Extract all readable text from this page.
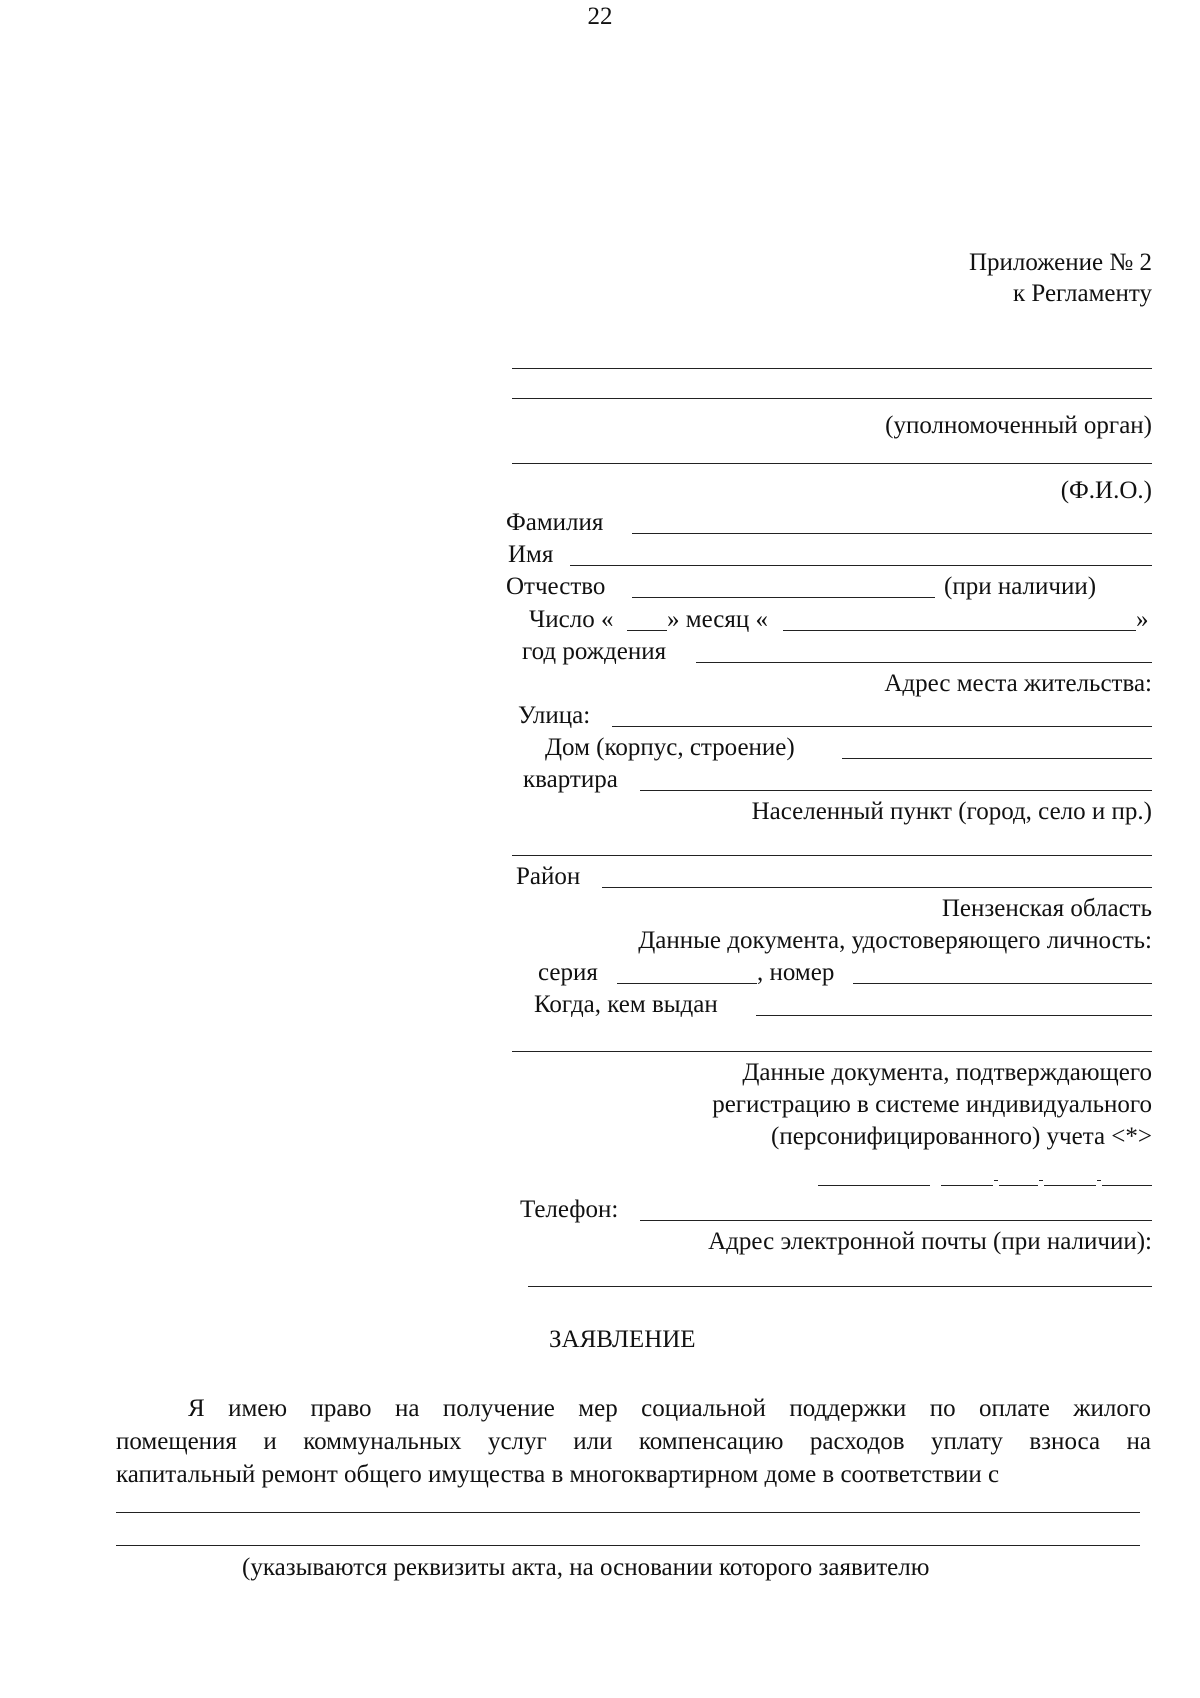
22
Приложение № 2
к Регламенту
(уполномоченный орган)
(Ф.И.О.)
Фамилия
Имя
Отчество	(при наличии)
Число « » месяц «	»
год рождения
Адрес места жительства:
Улица:
Дом (корпус, строение)
квартира
Населенный пункт (город, село и пр.)
Район
Пензенская область
Данные документа, удостоверяющего личность:
серия	, номер
Когда, кем выдан
Данные документа, подтверждающего
регистрацию в системе индивидуального
(персонифицированного) учета <*>
Телефон:
Адрес электронной почты (при наличии):
ЗАЯВЛЕНИЕ
Я имею право на получение мер социальной поддержки по оплате жилого
помещения и коммунальных услуг или компенсацию расходов уплату взноса на
капитальный ремонт общего имущества в многоквартирном доме в соответствии с
(указываются реквизиты акта, на основании которого заявителю
